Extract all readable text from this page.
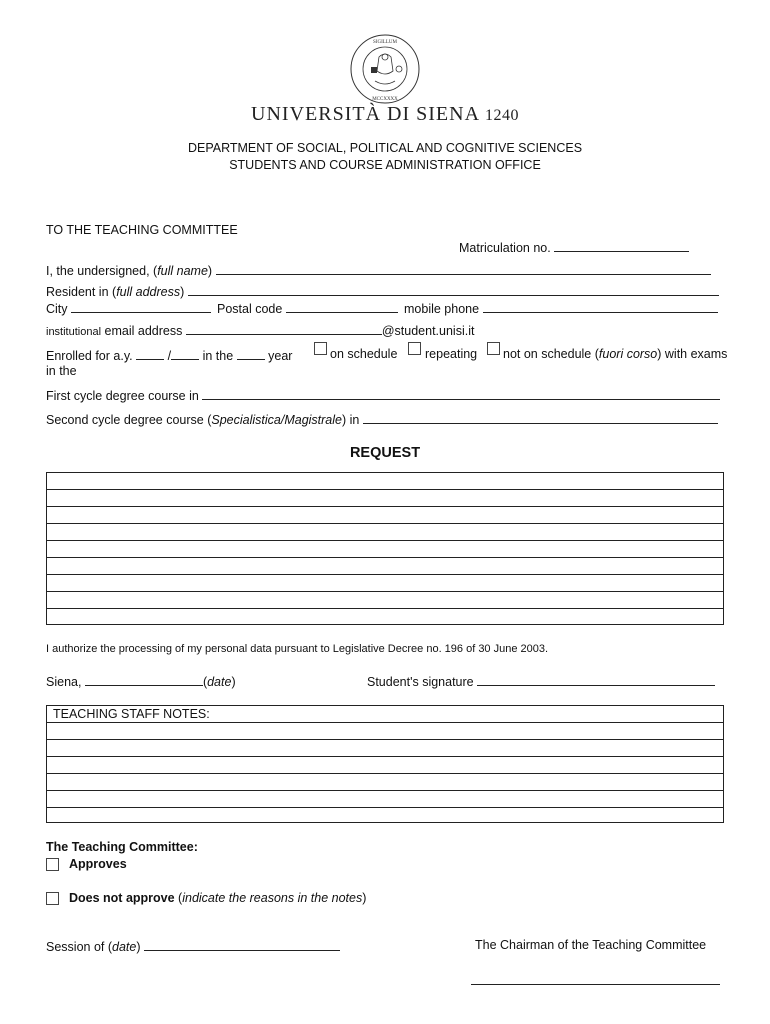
SIGILLUM
MCCXXXX
UNIVERSITÀ DI SIENA 1240
DEPARTMENT OF SOCIAL, POLITICAL AND COGNITIVE SCIENCES
STUDENTS AND COURSE ADMINISTRATION OFFICE
TO THE TEACHING COMMITTEE
Matriculation no.
I, the undersigned, (full name)
Resident in (full address)
City	Postal code	mobile phone
institutional email address	@student.unisi.it
Enrolled for a.y.	/	in the	year	on schedule repeating not on schedule (fuori corso) with exams
in the
First cycle degree course in
Second cycle degree course (Specialistica/Magistrale) in
REQUEST
I authorize the processing of my personal data pursuant to Legislative Decree no. 196 of 30 June 2003.
Siena,	(date)	Student's signature
TEACHING STAFF NOTES:
The Teaching Committee:
Approves
Does not approve (indicate the reasons in the notes)
Session of (date)	The Chairman of the Teaching Committee
